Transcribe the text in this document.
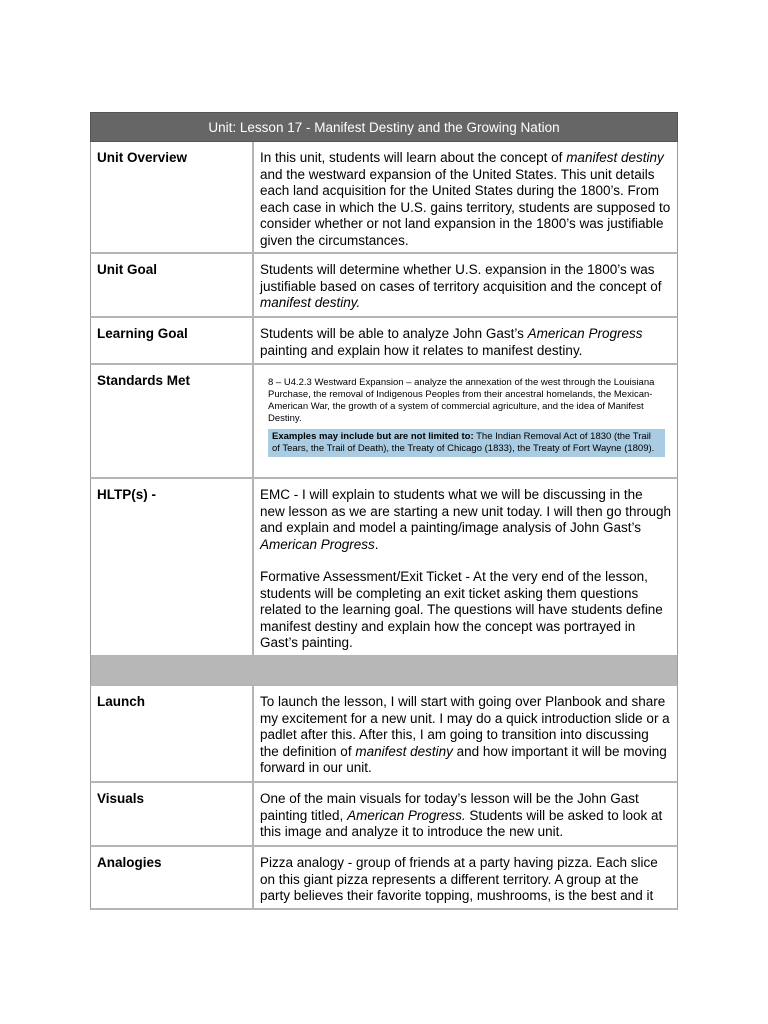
Unit: Lesson 17 - Manifest Destiny and the Growing Nation
Unit Overview	In this unit, students will learn about the concept of manifest destiny and the westward expansion of the United States. This unit details each land acquisition for the United States during the 1800’s. From each case in which the U.S. gains territory, students are supposed to consider whether or not land expansion in the 1800’s was justifiable given the circumstances.
Unit Goal	Students will determine whether U.S. expansion in the 1800’s was justifiable based on cases of territory acquisition and the concept of manifest destiny.
Learning Goal	Students will be able to analyze John Gast’s American Progress painting and explain how it relates to manifest destiny.
Standards Met	8 – U4.2.3 Westward Expansion – analyze the annexation of the west through the Louisiana Purchase, the removal of Indigenous Peoples from their ancestral homelands, the Mexican-American War, the growth of a system of commercial agriculture, and the idea of Manifest Destiny.
Examples may include but are not limited to: The Indian Removal Act of 1830 (the Trail of Tears, the Trail of Death), the Treaty of Chicago (1833), the Treaty of Fort Wayne (1809).
HLTP(s) -	EMC - I will explain to students what we will be discussing in the new lesson as we are starting a new unit today. I will then go through and explain and model a painting/image analysis of John Gast’s American Progress.
Formative Assessment/Exit Ticket - At the very end of the lesson, students will be completing an exit ticket asking them questions related to the learning goal. The questions will have students define manifest destiny and explain how the concept was portrayed in Gast’s painting.
Launch	To launch the lesson, I will start with going over Planbook and share my excitement for a new unit. I may do a quick introduction slide or a padlet after this. After this, I am going to transition into discussing the definition of manifest destiny and how important it will be moving forward in our unit.
Visuals	One of the main visuals for today’s lesson will be the John Gast painting titled, American Progress. Students will be asked to look at this image and analyze it to introduce the new unit.
Analogies	Pizza analogy - group of friends at a party having pizza. Each slice on this giant pizza represents a different territory. A group at the party believes their favorite topping, mushrooms, is the best and it
